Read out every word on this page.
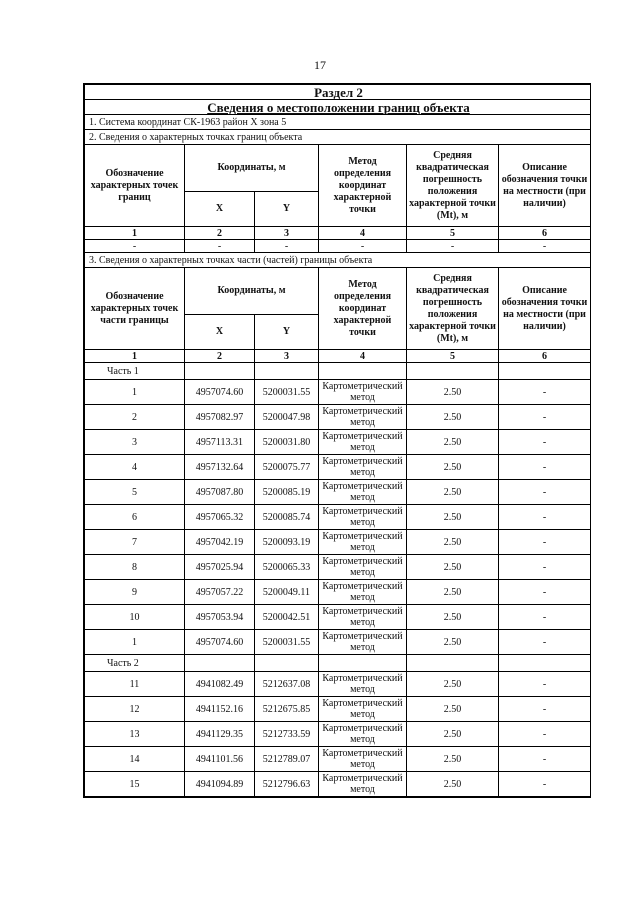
17
Раздел 2					
Сведения о местоположении границ объекта					
1. Система координат СК-1963 район X зона 5					
2. Сведения о характерных точках границ объекта					
Обозначение характерных точек границ	Координаты, м		Метод определения координат характерной точки	Средняя квадратическая погрешность положения характерной точки (Мt), м	Описание обозначения точки на местности (при наличии)
	X	Y			
1	2	3	4	5	6
-	-	-	-	-	-
3. Сведения о характерных точках части (частей) границы объекта					
Обозначение характерных точек части границы	Координаты, м		Метод определения координат характерной точки	Средняя квадратическая погрешность положения характерной точки (Мt), м	Описание обозначения точки на местности (при наличии)
	X	Y			
1	2	3	4	5	6
Часть 1					
1	4957074.60	5200031.55	Картометрический метод	2.50	-
2	4957082.97	5200047.98	Картометрический метод	2.50	-
3	4957113.31	5200031.80	Картометрический метод	2.50	-
4	4957132.64	5200075.77	Картометрический метод	2.50	-
5	4957087.80	5200085.19	Картометрический метод	2.50	-
6	4957065.32	5200085.74	Картометрический метод	2.50	-
7	4957042.19	5200093.19	Картометрический метод	2.50	-
8	4957025.94	5200065.33	Картометрический метод	2.50	-
9	4957057.22	5200049.11	Картометрический метод	2.50	-
10	4957053.94	5200042.51	Картометрический метод	2.50	-
1	4957074.60	5200031.55	Картометрический метод	2.50	-
Часть 2					
11	4941082.49	5212637.08	Картометрический метод	2.50	-
12	4941152.16	5212675.85	Картометрический метод	2.50	-
13	4941129.35	5212733.59	Картометрический метод	2.50	-
14	4941101.56	5212789.07	Картометрический метод	2.50	-
15	4941094.89	5212796.63	Картометрический метод	2.50	-
